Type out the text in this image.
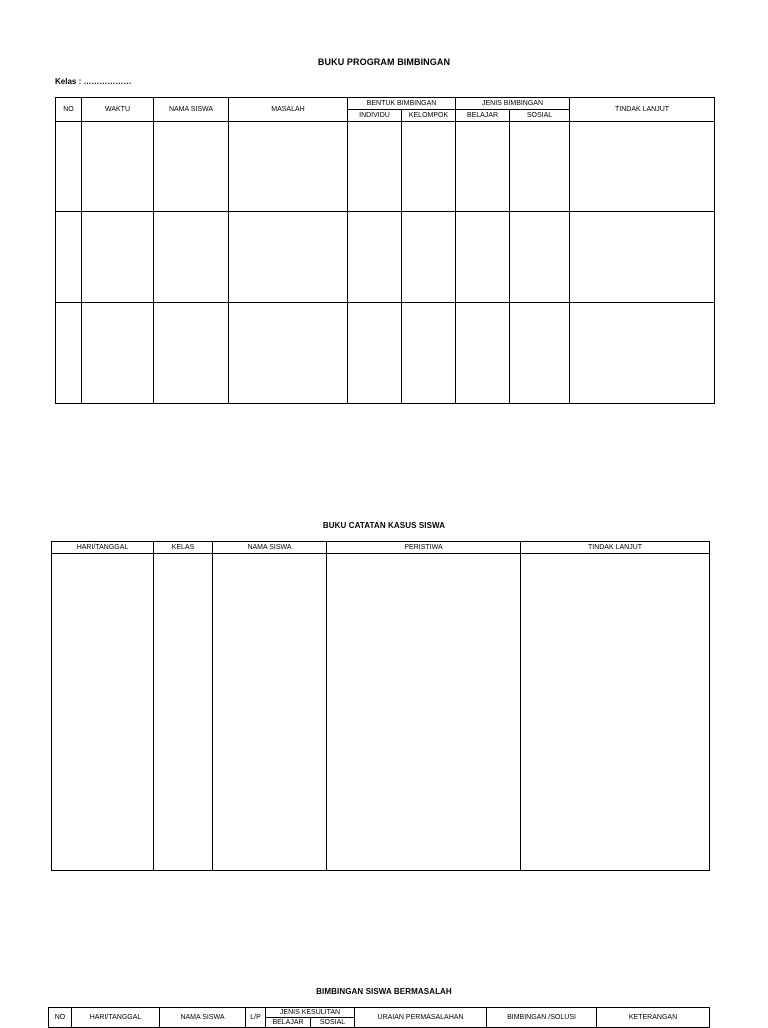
BUKU PROGRAM BIMBINGAN
Kelas : ………………
NO	WAKTU	NAMA SISWA	MASALAH	BENTUK BIMBINGAN		JENIS BIMBINGAN		TINDAK LANJUT
				INDIVIDU	KELOMPOK	BELAJAR	SOSIAL	

BUKU CATATAN KASUS SISWA
HARI/TANGGAL	KELAS	NAMA SISWA	PERISTIWA	TINDAK LANJUT

BIMBINGAN SISWA BERMASALAH
NO	HARI/TANGGAL	NAMA SISWA	L/P	JENIS KESULITAN		URAIAN PERMASALAHAN	BIMBINGAN /SOLUSI	KETERANGAN
				BELAJAR	SOSIAL			
